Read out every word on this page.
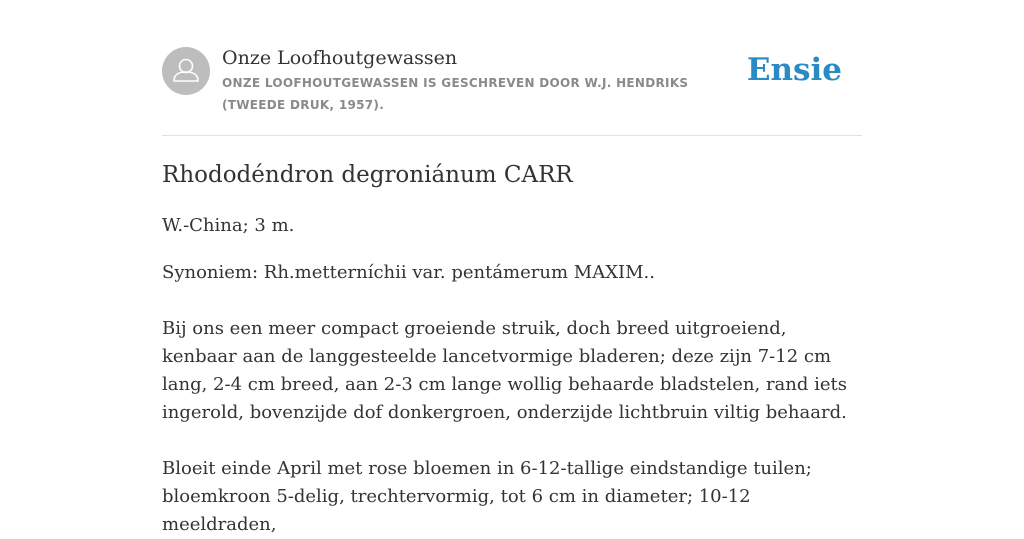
Onze Loofhoutgewassen
ONZE LOOFHOUTGEWASSEN IS GESCHREVEN DOOR W.J. HENDRIKS (TWEEDE DRUK, 1957).
Ensie
Rhododéndron degroniánum CARR

W.-China; 3 m.

Synoniem: Rh.metterníchii var. pentámerum MAXIM..

Bij ons een meer compact groeiende struik, doch breed uitgroeiend, kenbaar aan de langgesteelde lancetvormige bladeren; deze zijn 7-12 cm lang, 2-4 cm breed, aan 2-3 cm lange wollig behaarde bladstelen, rand iets ingerold, bovenzijde dof donkergroen, onderzijde lichtbruin viltig behaard.

Bloeit einde April met rose bloemen in 6-12-tallige eindstandige tuilen; bloemkroon 5-delig, trechtervormig, tot 6 cm in diameter; 10-12 meeldraden,
